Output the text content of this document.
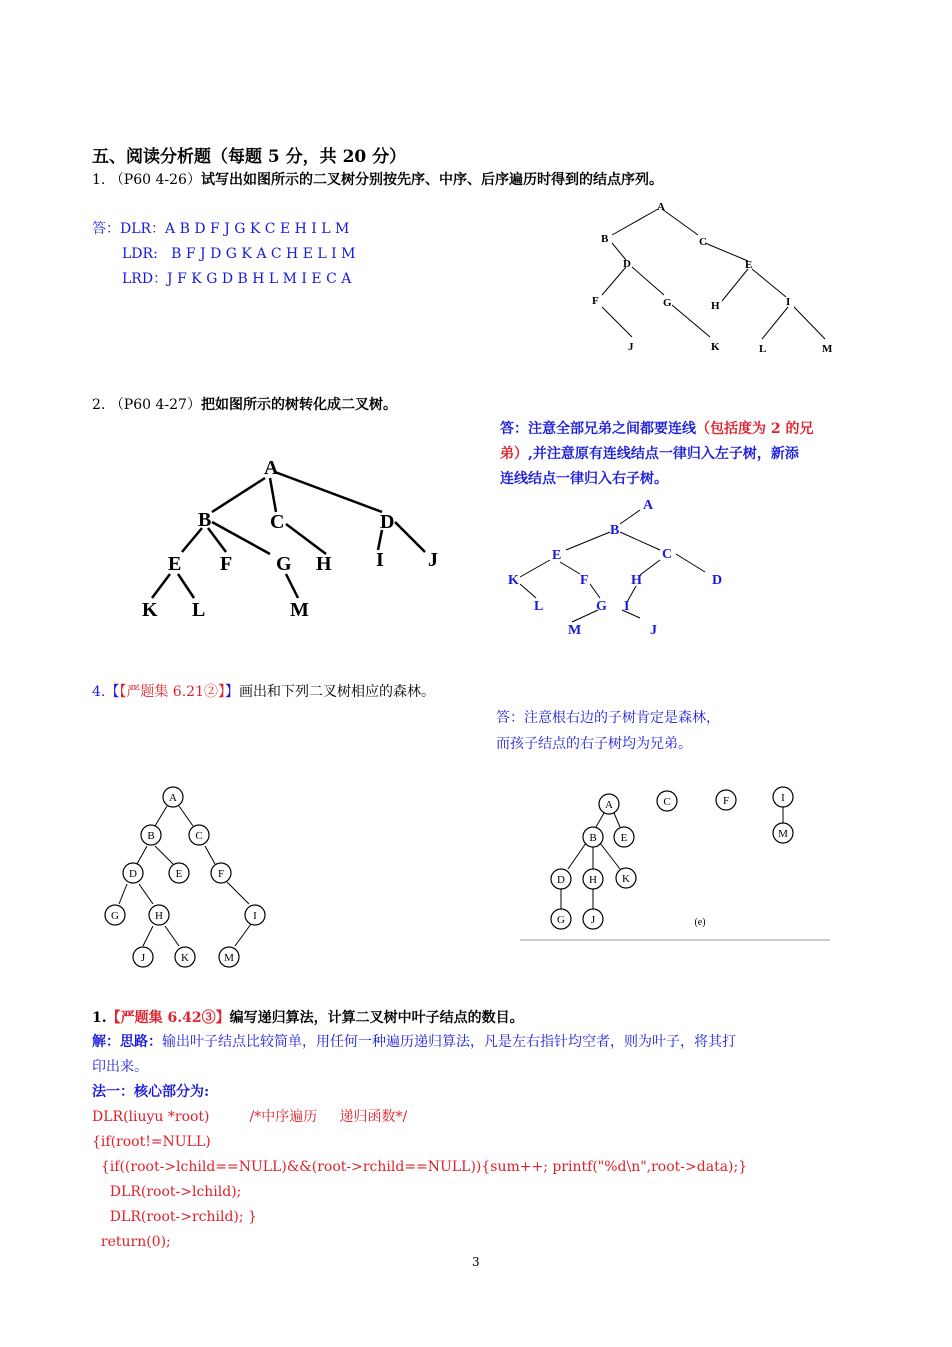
五、阅读分析题（每题 5 分，共 20 分）
1. （P60 4-26）试写出如图所示的二叉树分别按先序、中序、后序遍历时得到的结点序列。
答：DLR：A B D F J G K C E H I L M
LDR:   B F J D G K A C H E L I M
LRD：J F K G D B H L M I E C A
A
B	C
D	E
F	G	H	I
J	K	L	M
2. （P60 4-27）把如图所示的树转化成二叉树。
答：注意全部兄弟之间都要连线（包括度为 2 的兄
弟）,并注意原有连线结点一律归入左子树，新添
连线结点一律归入右子树。
A
B	C	D
E F G H I J
K L	M
A
B
E	C
K	F	H	D
L	G I
M	J
4.【【严题集 6.21②】】画出和下列二叉树相应的森林。
答：注意根右边的子树肯定是森林，
而孩子结点的右子树均为兄弟。
A
B	C
D	E	F
G	H	I
J	K	M
A	C	F	I
B E	M
D H K
G J	(e)
1.【严题集 6.42③】编写递归算法，计算二叉树中叶子结点的数目。
解：思路：输出叶子结点比较简单，用任何一种遍历递归算法，凡是左右指针均空者，则为叶子，将其打
印出来。
法一：核心部分为:
DLR(liuyu *root)         /*中序遍历     递归函数*/
{if(root!=NULL)
{if((root->lchild==NULL)&&(root->rchild==NULL)){sum++; printf("%d\n",root->data);}
DLR(root->lchild);
DLR(root->rchild); }
return(0);
3
